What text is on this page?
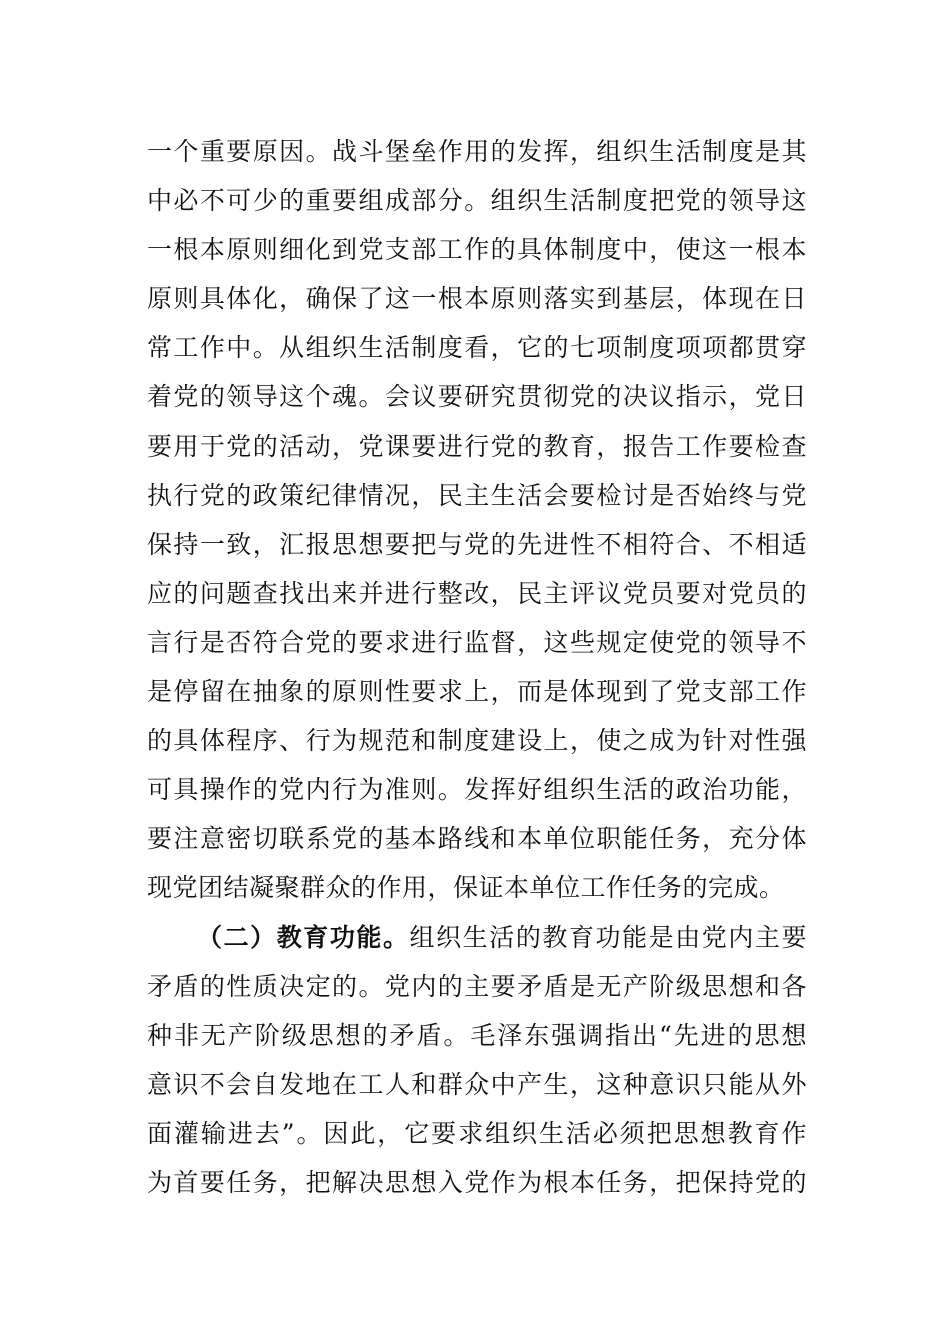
一个重要原因。战斗堡垒作用的发挥，组织生活制度是其
中必不可少的重要组成部分。组织生活制度把党的领导这
一根本原则细化到党支部工作的具体制度中，使这一根本
原则具体化，确保了这一根本原则落实到基层，体现在日
常工作中。从组织生活制度看，它的七项制度项项都贯穿
着党的领导这个魂。会议要研究贯彻党的决议指示，党日
要用于党的活动，党课要进行党的教育，报告工作要检查
执行党的政策纪律情况，民主生活会要检讨是否始终与党
保持一致，汇报思想要把与党的先进性不相符合、不相适
应的问题查找出来并进行整改，民主评议党员要对党员的
言行是否符合党的要求进行监督，这些规定使党的领导不
是停留在抽象的原则性要求上，而是体现到了党支部工作
的具体程序、行为规范和制度建设上，使之成为针对性强
可具操作的党内行为准则。发挥好组织生活的政治功能，
要注意密切联系党的基本路线和本单位职能任务，充分体
现党团结凝聚群众的作用，保证本单位工作任务的完成。
（二）教育功能。组织生活的教育功能是由党内主要
矛盾的性质决定的。党内的主要矛盾是无产阶级思想和各
种非无产阶级思想的矛盾。毛泽东强调指出“先进的思想
意识不会自发地在工人和群众中产生，这种意识只能从外
面灌输进去”。因此，它要求组织生活必须把思想教育作
为首要任务，把解决思想入党作为根本任务，把保持党的
